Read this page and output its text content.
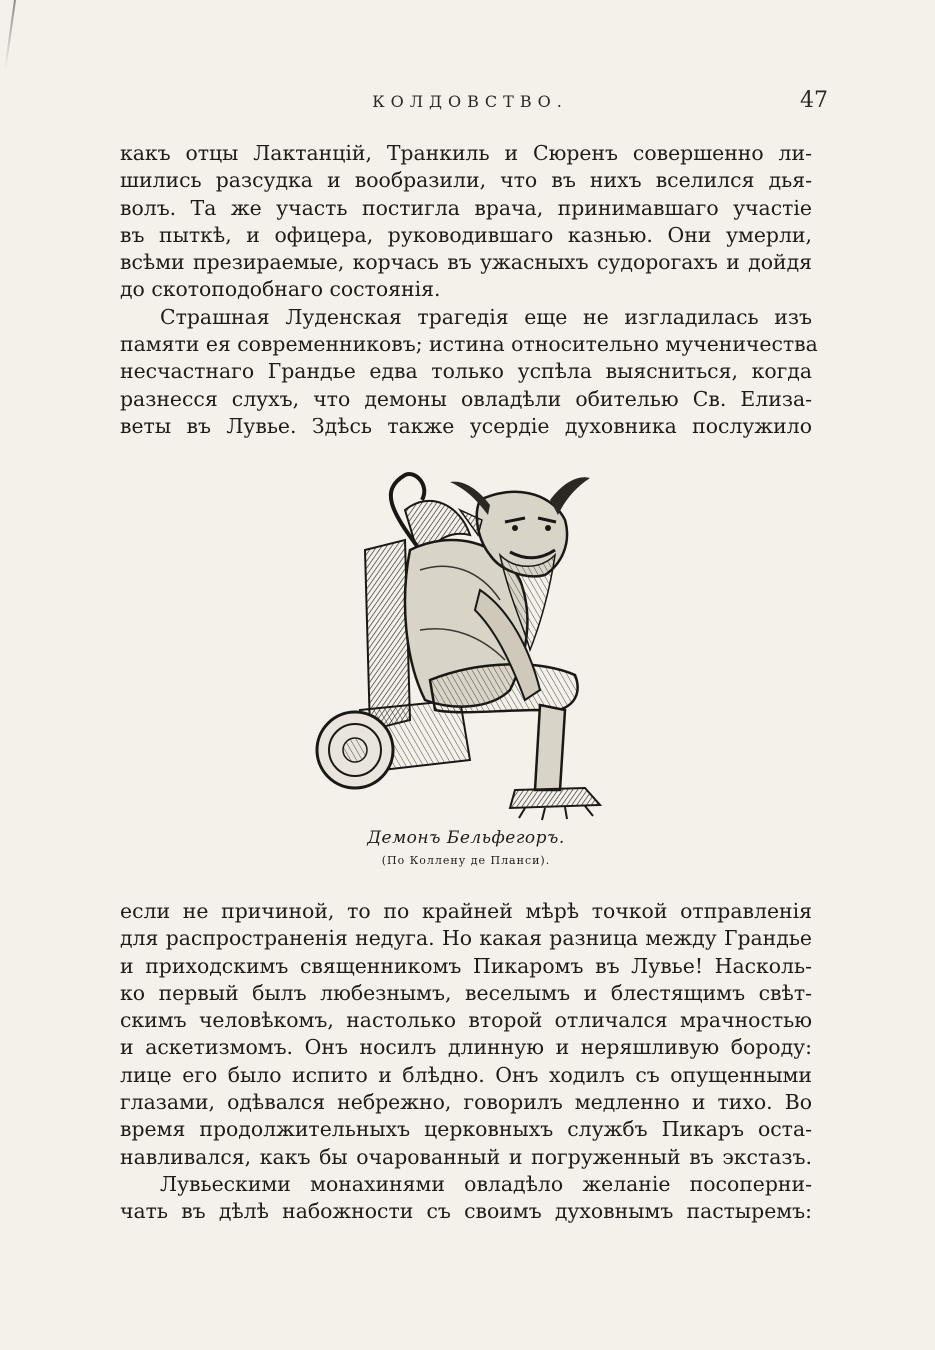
КОЛДОВСТВО.	47

какъ отцы Лактанцій, Транкиль и Сюренъ совершенно ли-
шились разсудка и вообразили, что въ нихъ вселился дья-
волъ. Та же участь постигла врача, принимавшаго участіе
въ пыткѣ, и офицера, руководившаго казнью. Они умерли,
всѣми презираемые, корчась въ ужасныхъ судорогахъ и дойдя
до скотоподобнаго состоянія.

Страшная Луденская трагедія еще не изгладилась изъ
памяти ея современниковъ; истина относительно мученичества
несчастнаго Грандье едва только успѣла выясниться, когда
разнесся слухъ, что демоны овладѣли обителью Св. Елиза-
веты въ Лувье. Здѣсь также усердіе духовника послужило

Демонъ Бельфегоръ.
(По Коллену де Планси).

если не причиной, то по крайней мѣрѣ точкой отправленія
для распространенія недуга. Но какая разница между Грандье
и приходскимъ священникомъ Пикаромъ въ Лувье! Насколь-
ко первый былъ любезнымъ, веселымъ и блестящимъ свѣт-
скимъ человѣкомъ, настолько второй отличался мрачностью
и аскетизмомъ. Онъ носилъ длинную и неряшливую бороду:
лице его было испито и блѣдно. Онъ ходилъ съ опущенными
глазами, одѣвался небрежно, говорилъ медленно и тихо. Во
время продолжительныхъ церковныхъ службъ Пикаръ оста-
навливался, какъ бы очарованный и погруженный въ экстазъ.

Лувьескими монахинями овладѣло желаніе посоперни-
чать въ дѣлѣ набожности съ своимъ духовнымъ пастыремъ:
